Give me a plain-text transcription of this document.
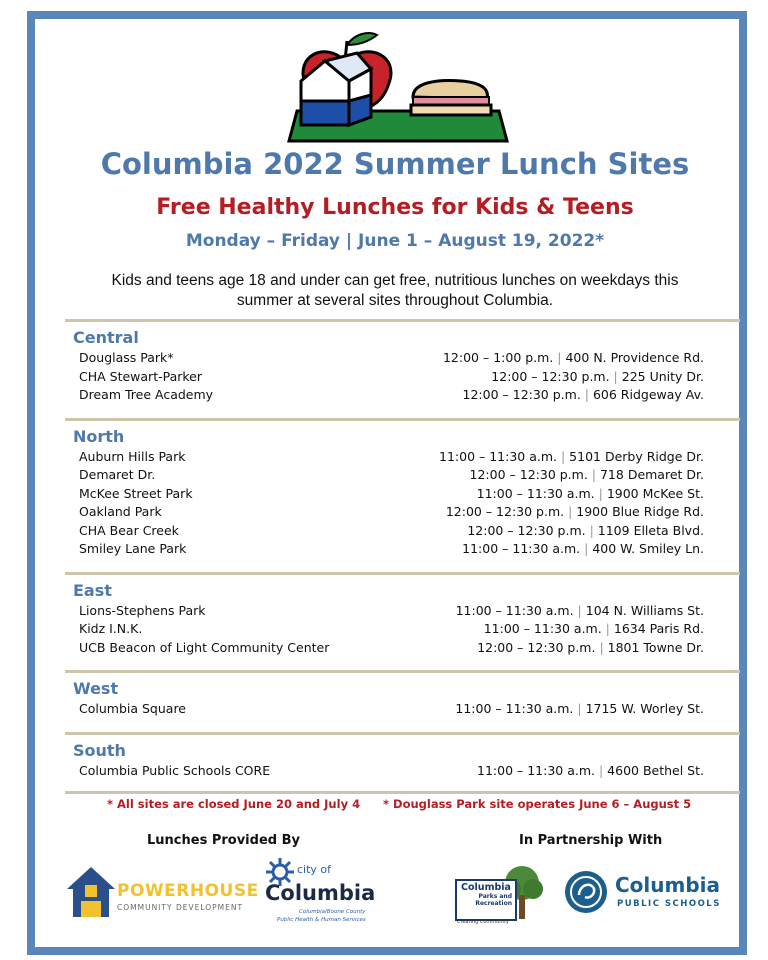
Columbia 2022 Summer Lunch Sites
Free Healthy Lunches for Kids & Teens
Monday – Friday | June 1 – August 19, 2022*
Kids and teens age 18 and under can get free, nutritious lunches on weekdays this
summer at several sites throughout Columbia.
* All sites are closed June 20 and July 4 * Douglass Park site operates June 6 – August 5
Lunches Provided By	In Partnership With
POWERHOUSE
COMMUNITY DEVELOPMENT
city of
Columbia
Columbia/Boone County
Public Health & Human Services
Columbia
Parks and
Recreation
Creating Community
Columbia
PUBLIC SCHOOLS
Central
Douglass Park*	12:00 – 1:00 p.m. | 400 N. Providence Rd.
CHA Stewart-Parker	12:00 – 12:30 p.m. | 225 Unity Dr.
Dream Tree Academy	12:00 – 12:30 p.m. | 606 Ridgeway Av.
North
Auburn Hills Park	11:00 – 11:30 a.m. | 5101 Derby Ridge Dr.
Demaret Dr.	12:00 – 12:30 p.m. | 718 Demaret Dr.
McKee Street Park	11:00 – 11:30 a.m. | 1900 McKee St.
Oakland Park	12:00 – 12:30 p.m. | 1900 Blue Ridge Rd.
CHA Bear Creek	12:00 – 12:30 p.m. | 1109 Elleta Blvd.
Smiley Lane Park	11:00 – 11:30 a.m. | 400 W. Smiley Ln.
East
Lions-Stephens Park	11:00 – 11:30 a.m. | 104 N. Williams St.
Kidz I.N.K.	11:00 – 11:30 a.m. | 1634 Paris Rd.
UCB Beacon of Light Community Center	12:00 – 12:30 p.m. | 1801 Towne Dr.
West
Columbia Square	11:00 – 11:30 a.m. | 1715 W. Worley St.
South
Columbia Public Schools CORE	11:00 – 11:30 a.m. | 4600 Bethel St.
